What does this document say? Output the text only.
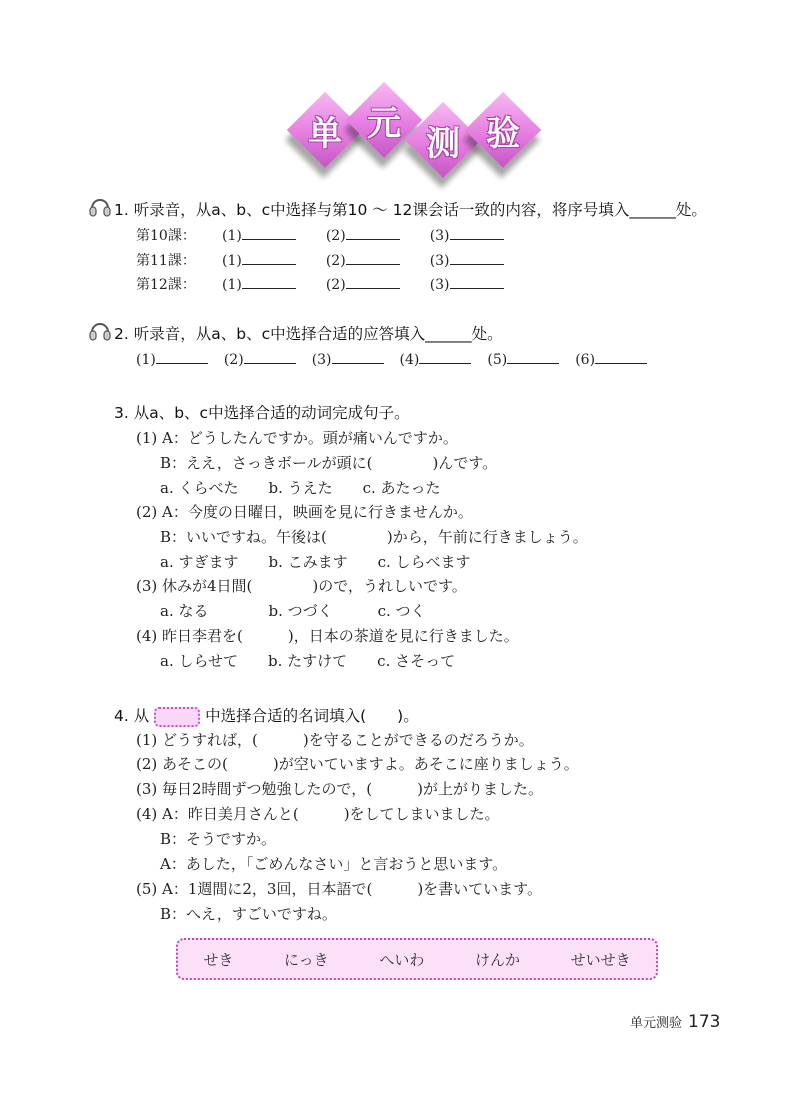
单 元 测 验
1. 听录音，从a、b、c中选择与第10 ～ 12课会话一致的内容，将序号填入______处。
第10課： (1)	(2)	(3)
第11課： (1)	(2)	(3)
第12課： (1)	(2)	(3)
2. 听录音，从a、b、c中选择合适的应答填入______处。
(1)	(2)	(3)	(4)	(5)	(6)
3. 从a、b、c中选择合适的动词完成句子。
(1) A：どうしたんですか。頭が痛いんですか。
B：ええ，さっきボールが頭に(　　　　)んです。
a. くらべた　　b. うえた　　c. あたった
(2) A：今度の日曜日，映画を見に行きませんか。
B：いいですね。午後は(　　　　)から，午前に行きましょう。
a. すぎます　　b. こみます　　c. しらべます
(3) 休みが4日間(　　　　)ので，うれしいです。
a. なる　　　　b. つづく　　　c. つく
(4) 昨日李君を(　　　)，日本の茶道を見に行きました。
a. しらせて　　b. たすけて　　c. さそって
4. 从	中选择合适的名词填入(　　)。
(1) どうすれば，(　　　)を守ることができるのだろうか。
(2) あそこの(　　　)が空いていますよ。あそこに座りましょう。
(3) 毎日2時間ずつ勉強したので，(　　　)が上がりました。
(4) A：昨日美月さんと(　　　)をしてしまいました。
B：そうですか。
A：あした，「ごめんなさい」と言おうと思います。
(5) A：1週間に2，3回，日本語で(　　　)を書いています。
B：へえ，すごいですね。
せき	にっき	へいわ	けんか	せいせき
单元测验 173
